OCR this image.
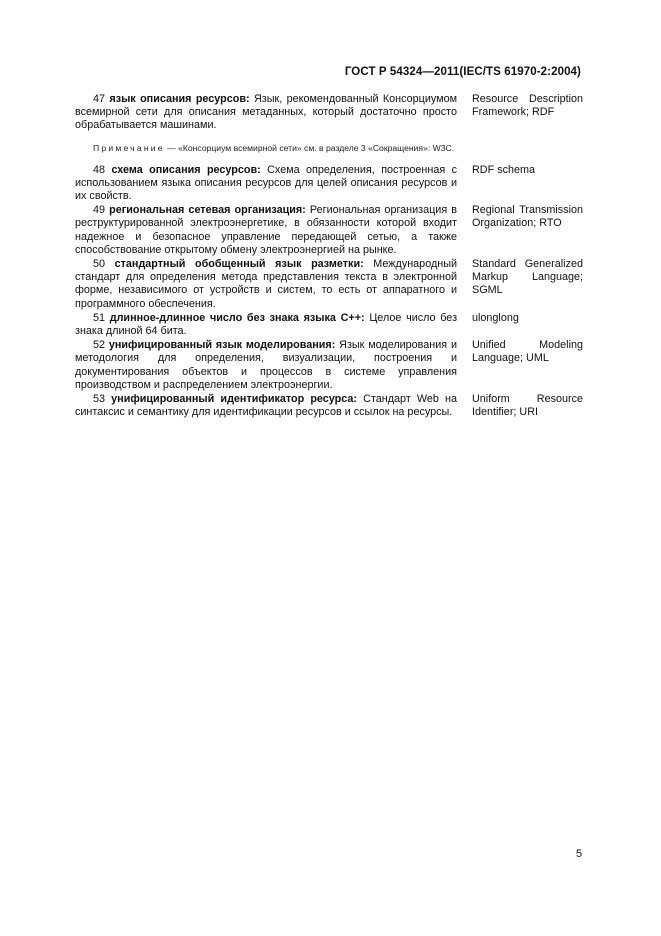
ГОСТ Р 54324—2011(IEC/TS 61970-2:2004)
47 язык описания ресурсов: Язык, рекомендованный Консорциумом всемирной сети для описания метаданных, который достаточно просто обрабатывается машинами.
Resource Description Framework; RDF
Примечание — «Консорциум всемирной сети» см. в разделе 3 «Сокращения»: W3C.
48 схема описания ресурсов: Схема определения, построенная с использованием языка описания ресурсов для целей описания ресурсов и их свойств.
RDF schema
49 региональная сетевая организация: Региональная организация в реструктурированной электроэнергетике, в обязанности которой входит надежное и безопасное управление передающей сетью, а также способствование открытому обмену электроэнергией на рынке.
Regional Transmission Organization; RTO
50 стандартный обобщенный язык разметки: Международный стандарт для определения метода представления текста в электронной форме, независимого от устройств и систем, то есть от аппаратного и программного обеспечения.
Standard Generalized Markup Language; SGML
51 длинное-длинное число без знака языка С++: Целое число без знака длиной 64 бита.
ulonglong
52 унифицированный язык моделирования: Язык моделирования и методология для определения, визуализации, построения и документирования объектов и процессов в системе управления производством и распределением электроэнергии.
Unified Modeling Language; UML
53 унифицированный идентификатор ресурса: Стандарт Web на синтаксис и семантику для идентификации ресурсов и ссылок на ресурсы.
Uniform Resource Identifier; URI
5
